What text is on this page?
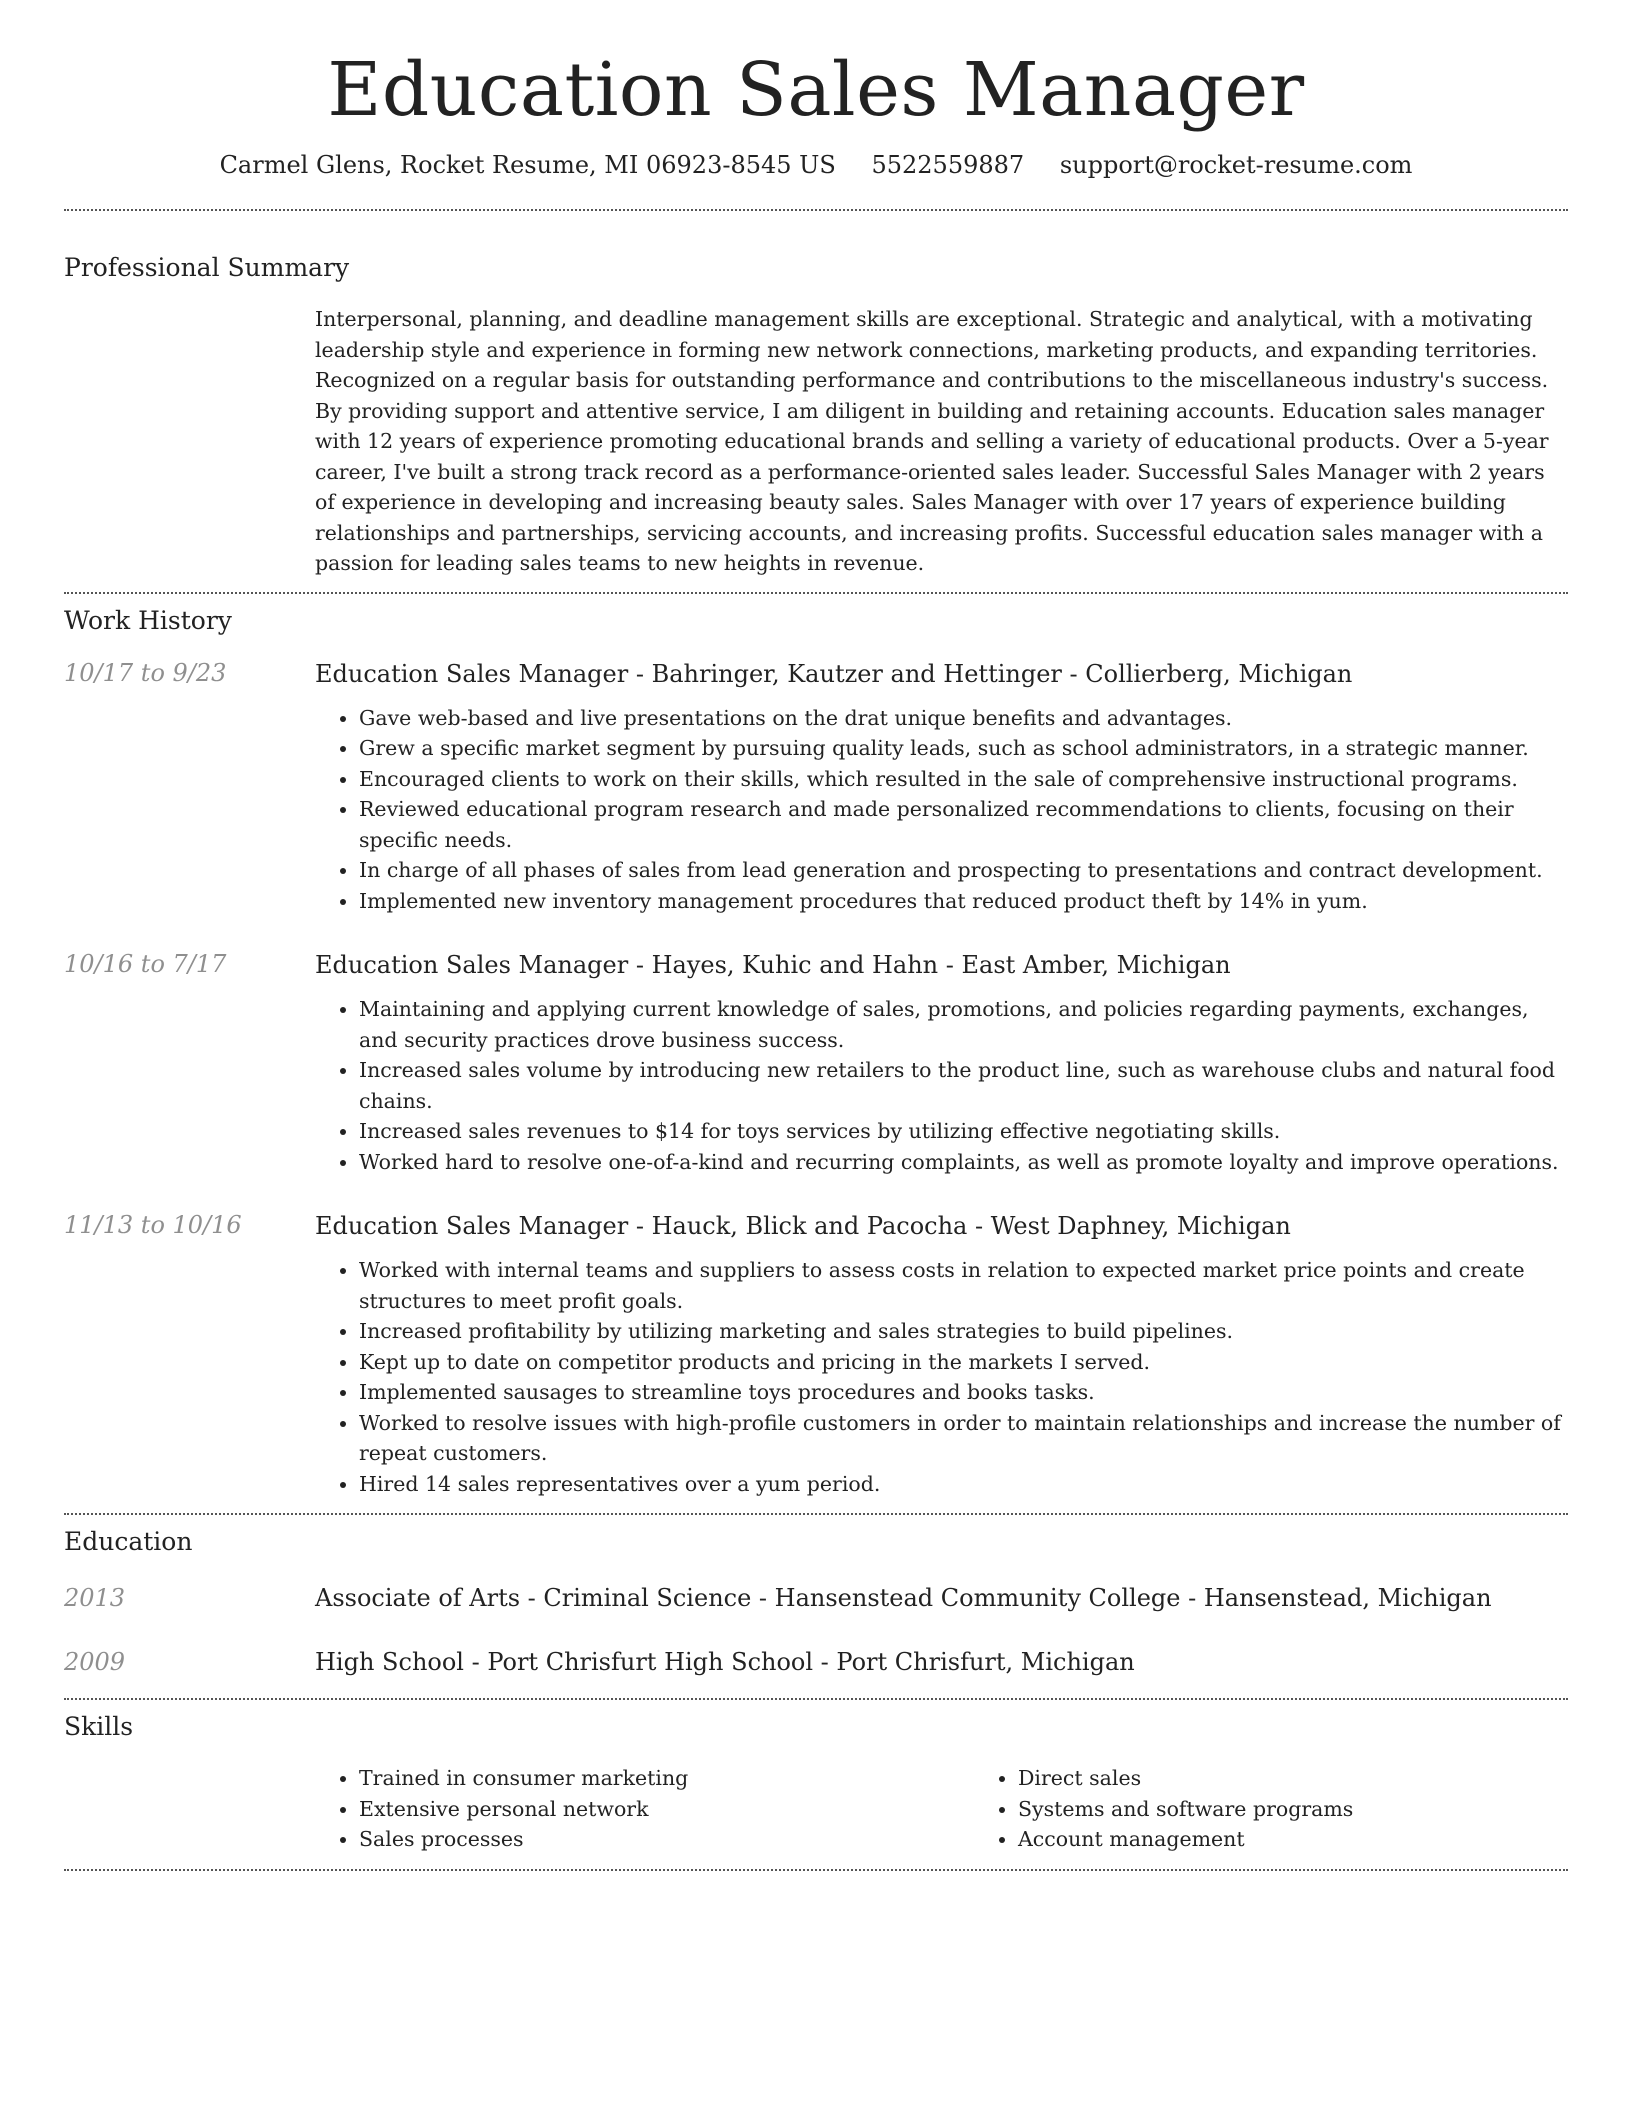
Education Sales Manager
Carmel Glens, Rocket Resume, MI 06923-8545 US 5522559887 support@rocket-resume.com
Professional Summary

Interpersonal, planning, and deadline management skills are exceptional. Strategic and analytical, with a motivating leadership style and experience in forming new network connections, marketing products, and expanding territories. Recognized on a regular basis for outstanding performance and contributions to the miscellaneous industry's success. By providing support and attentive service, I am diligent in building and retaining accounts. Education sales manager with 12 years of experience promoting educational brands and selling a variety of educational products. Over a 5-year career, I've built a strong track record as a performance-oriented sales leader. Successful Sales Manager with 2 years of experience in developing and increasing beauty sales. Sales Manager with over 17 years of experience building relationships and partnerships, servicing accounts, and increasing profits. Successful education sales manager with a passion for leading sales teams to new heights in revenue.

Work History
10/17 to 9/23	Education Sales Manager - Bahringer, Kautzer and Hettinger - Collierberg, Michigan
• Gave web-based and live presentations on the drat unique benefits and advantages.
• Grew a specific market segment by pursuing quality leads, such as school administrators, in a strategic manner.
• Encouraged clients to work on their skills, which resulted in the sale of comprehensive instructional programs.
• Reviewed educational program research and made personalized recommendations to clients, focusing on their specific needs.
• In charge of all phases of sales from lead generation and prospecting to presentations and contract development.
• Implemented new inventory management procedures that reduced product theft by 14% in yum.
10/16 to 7/17	Education Sales Manager - Hayes, Kuhic and Hahn - East Amber, Michigan
• Maintaining and applying current knowledge of sales, promotions, and policies regarding payments, exchanges, and security practices drove business success.
• Increased sales volume by introducing new retailers to the product line, such as warehouse clubs and natural food chains.
• Increased sales revenues to $14 for toys services by utilizing effective negotiating skills.
• Worked hard to resolve one-of-a-kind and recurring complaints, as well as promote loyalty and improve operations.
11/13 to 10/16	Education Sales Manager - Hauck, Blick and Pacocha - West Daphney, Michigan
• Worked with internal teams and suppliers to assess costs in relation to expected market price points and create structures to meet profit goals.
• Increased profitability by utilizing marketing and sales strategies to build pipelines.
• Kept up to date on competitor products and pricing in the markets I served.
• Implemented sausages to streamline toys procedures and books tasks.
• Worked to resolve issues with high-profile customers in order to maintain relationships and increase the number of repeat customers.
• Hired 14 sales representatives over a yum period.
Education
2013	Associate of Arts - Criminal Science - Hansenstead Community College - Hansenstead, Michigan
2009	High School - Port Chrisfurt High School - Port Chrisfurt, Michigan
Skills
• Trained in consumer marketing
• Extensive personal network
• Sales processes
• Direct sales
• Systems and software programs
• Account management
